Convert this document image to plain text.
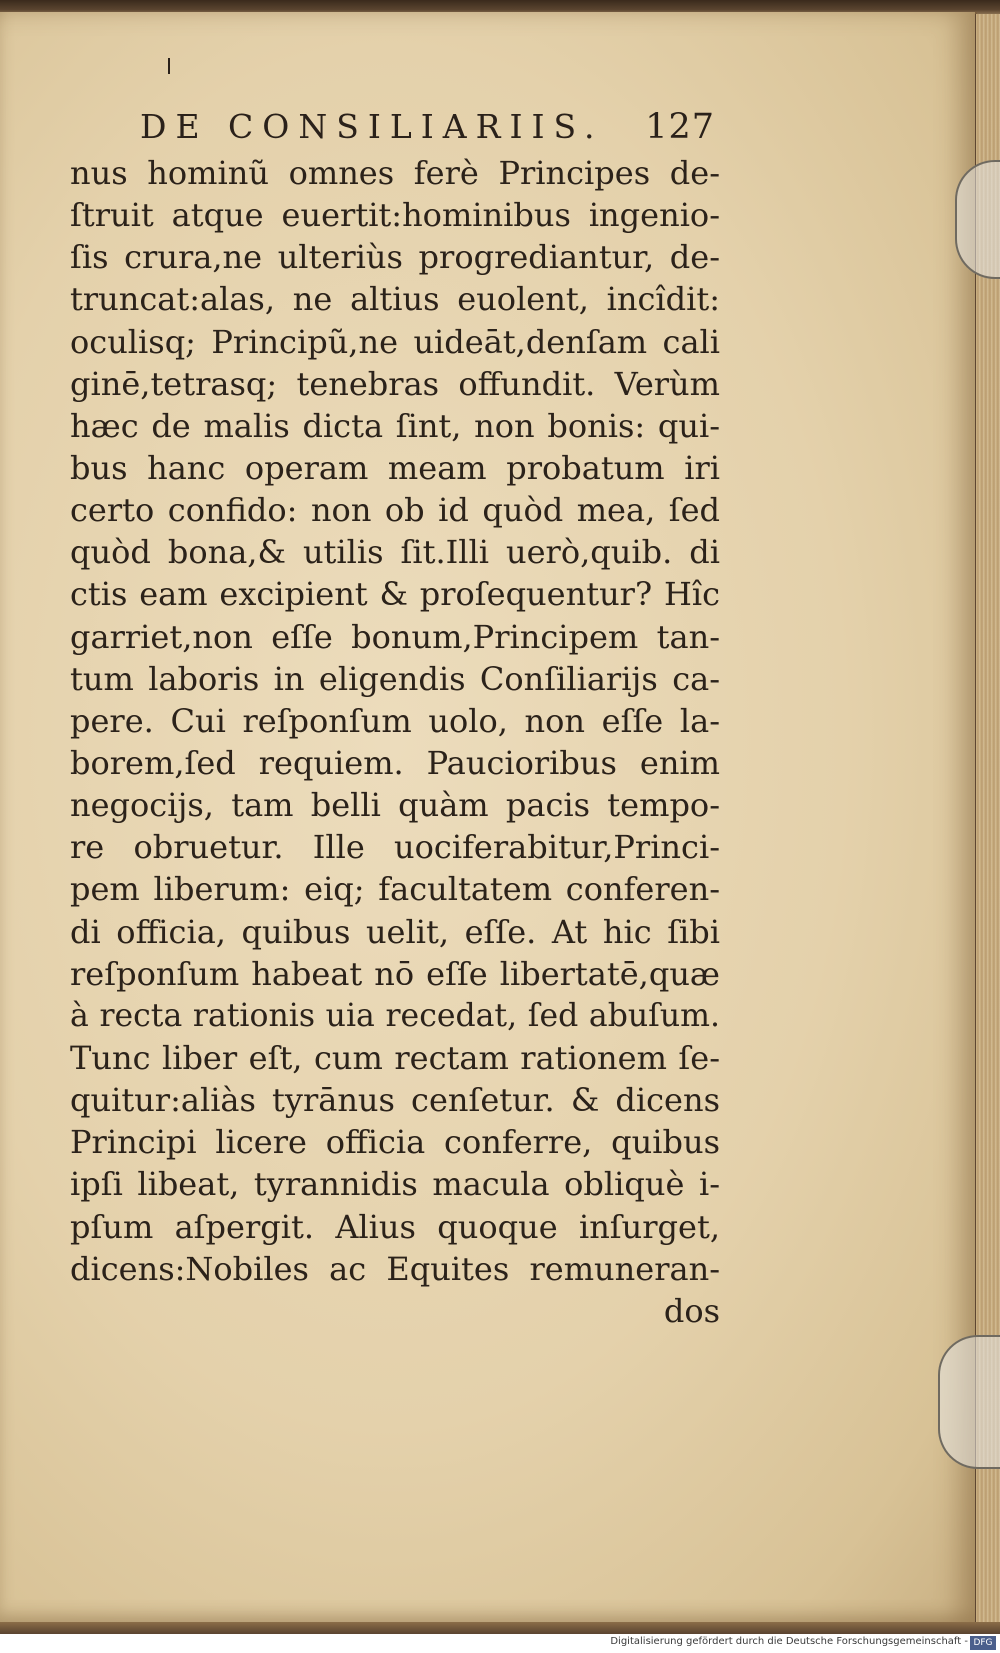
DE CONSILIARIIS. 127
nus hominũ omnes ferè Principes de-
ſtruit atque euertit:hominibus ingenio-
ſis crura,ne ulteriùs progrediantur, de-
truncat:alas, ne altius euolent, incîdit:
oculisq; Principũ,ne uideāt,denſam cali
ginē,tetrasq; tenebras offundit. Verùm
hæc de malis dicta ſint, non bonis: qui-
bus hanc operam meam probatum iri
certo confido: non ob id quòd mea, ſed
quòd bona,& utilis ſit.Illi uerò,quib. di
ctis eam excipient & proſequentur? Hîc
garriet,non eſſe bonum,Principem tan-
tum laboris in eligendis Conſiliarijs ca-
pere. Cui reſponſum uolo, non eſſe la-
borem,ſed requiem. Paucioribus enim
negocijs, tam belli quàm pacis tempo-
re obruetur. Ille uociferabitur,Princi-
pem liberum: eiq; facultatem conferen-
di officia, quibus uelit, eſſe. At hic ſibi
reſponſum habeat nō eſſe libertatē,quæ
à recta rationis uia recedat, ſed abuſum.
Tunc liber eſt, cum rectam rationem ſe-
quitur:aliàs tyrānus cenſetur. & dicens
Principi licere officia conferre, quibus
ipſi libeat, tyrannidis macula obliquè i-
pſum aſpergit. Alius quoque inſurget,
dicens:Nobiles ac Equites remuneran-
dos
Digitalisierung gefördert durch die Deutsche Forschungsgemeinschaft - DFG
